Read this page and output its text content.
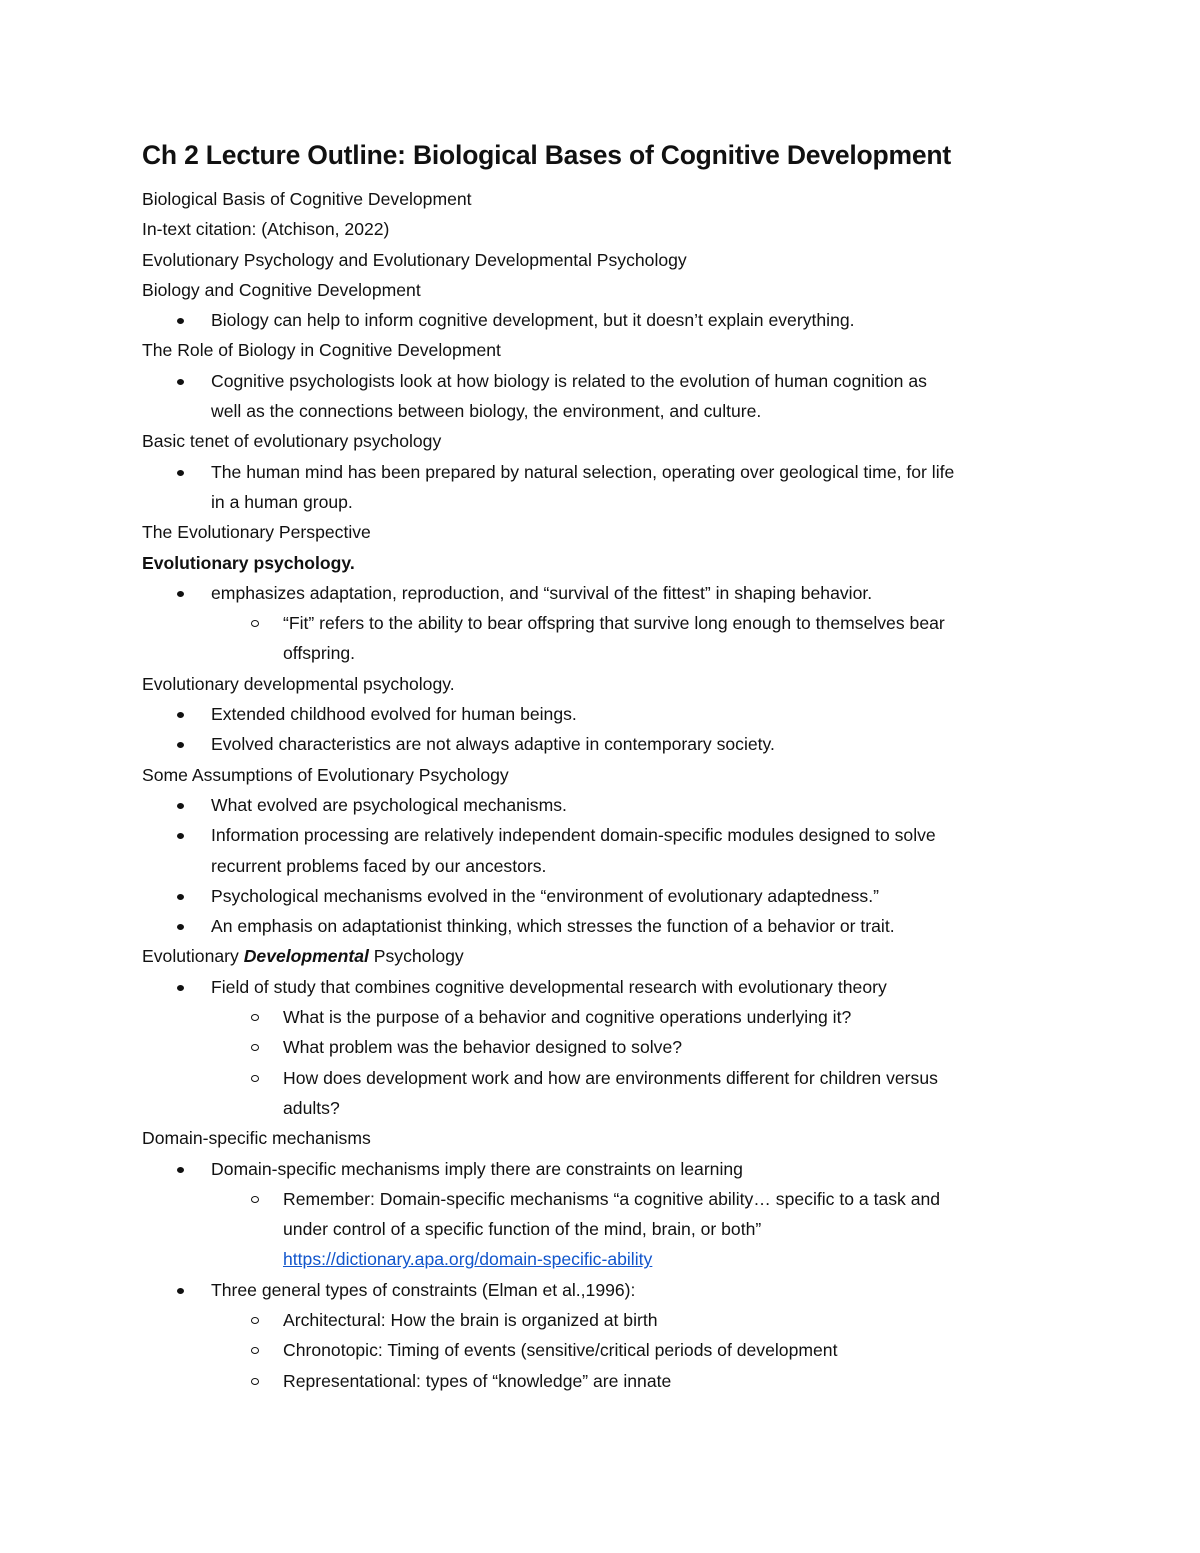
Ch 2 Lecture Outline: Biological Bases of Cognitive Development
Biological Basis of Cognitive Development
In-text citation: (Atchison, 2022)
Evolutionary Psychology and Evolutionary Developmental Psychology
Biology and Cognitive Development
Biology can help to inform cognitive development, but it doesn’t explain everything.
The Role of Biology in Cognitive Development
Cognitive psychologists look at how biology is related to the evolution of human cognition as
well as the connections between biology, the environment, and culture.
Basic tenet of evolutionary psychology
The human mind has been prepared by natural selection, operating over geological time, for life
in a human group.
The Evolutionary Perspective
Evolutionary psychology.
emphasizes adaptation, reproduction, and “survival of the fittest” in shaping behavior.
“Fit” refers to the ability to bear offspring that survive long enough to themselves bear
offspring.
Evolutionary developmental psychology.
Extended childhood evolved for human beings.
Evolved characteristics are not always adaptive in contemporary society.
Some Assumptions of Evolutionary Psychology
What evolved are psychological mechanisms.
Information processing are relatively independent domain-specific modules designed to solve
recurrent problems faced by our ancestors.
Psychological mechanisms evolved in the “environment of evolutionary adaptedness.”
An emphasis on adaptationist thinking, which stresses the function of a behavior or trait.
Evolutionary Developmental Psychology
Field of study that combines cognitive developmental research with evolutionary theory
What is the purpose of a behavior and cognitive operations underlying it?
What problem was the behavior designed to solve?
How does development work and how are environments different for children versus
adults?
Domain-specific mechanisms
Domain-specific mechanisms imply there are constraints on learning
Remember: Domain-specific mechanisms “a cognitive ability… specific to a task and
under control of a specific function of the mind, brain, or both”
https://dictionary.apa.org/domain-specific-ability
Three general types of constraints (Elman et al.,1996):
Architectural: How the brain is organized at birth
Chronotopic: Timing of events (sensitive/critical periods of development
Representational: types of “knowledge” are innate
